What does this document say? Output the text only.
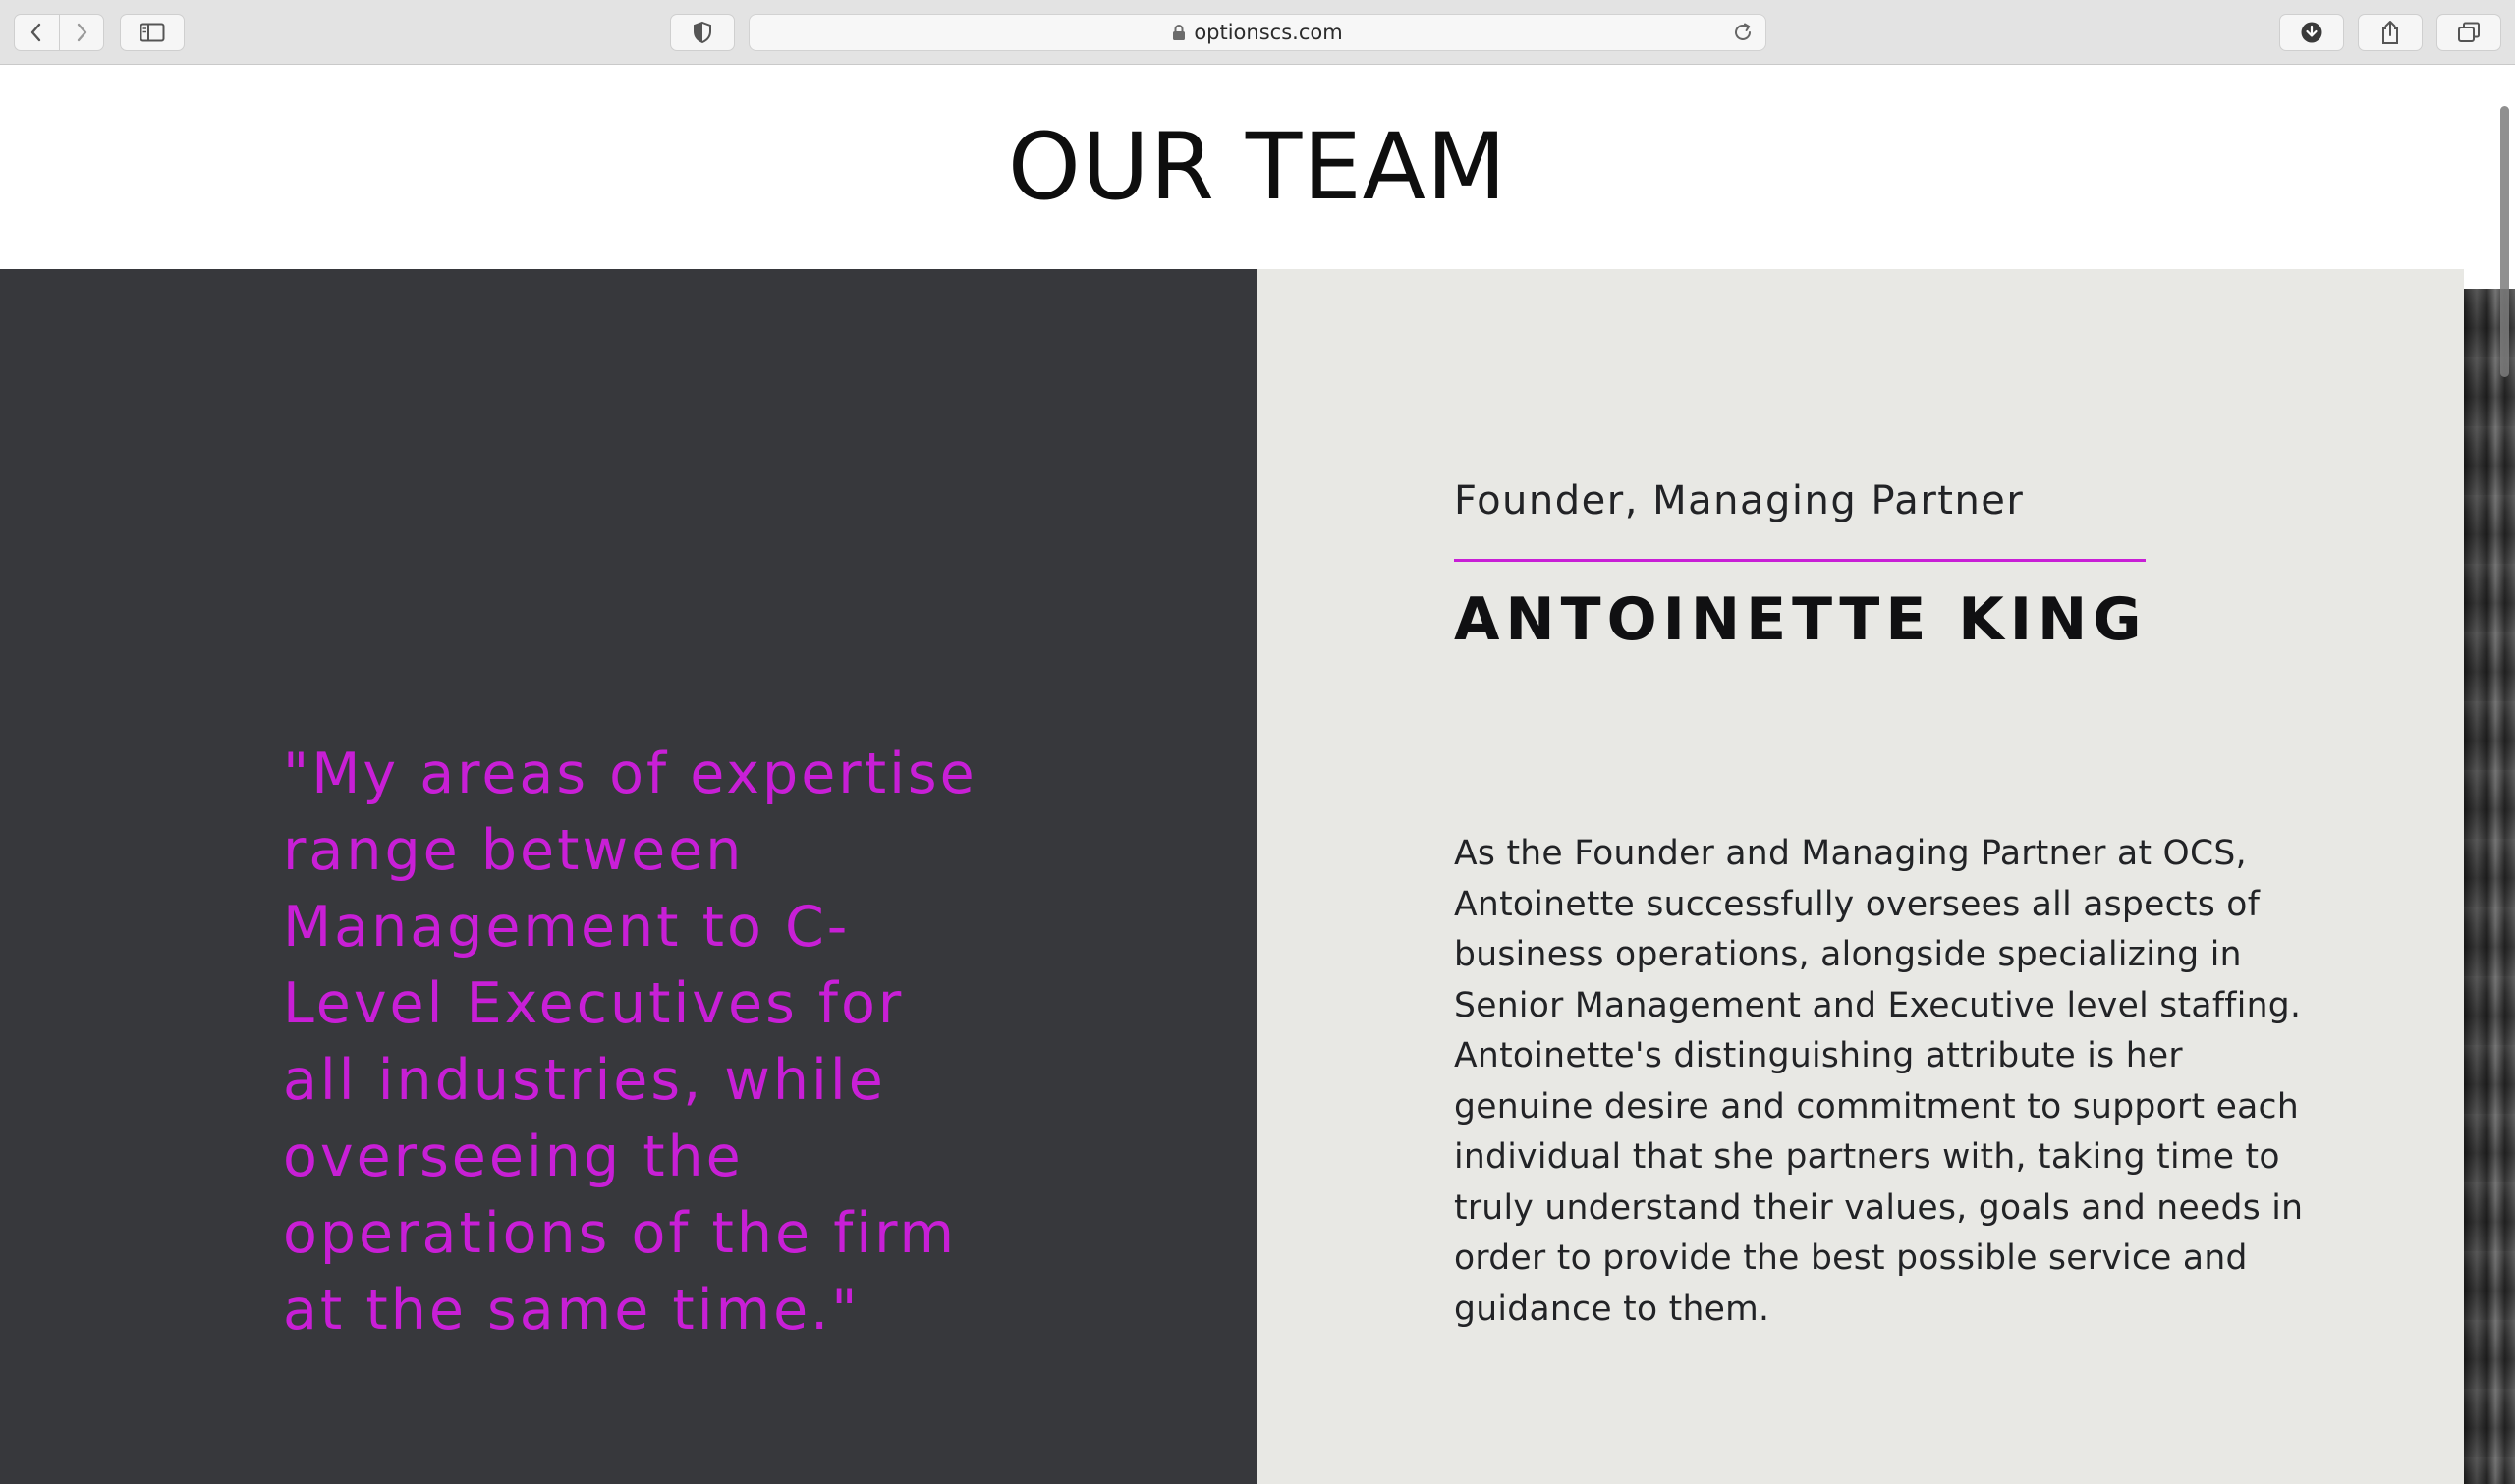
optionscs.com
OUR TEAM

"My areas of expertise range between Management to C-Level Executives for all industries, while overseeing the operations of the firm at the same time."

Founder, Managing Partner
ANTOINETTE KING

As the Founder and Managing Partner at OCS, Antoinette successfully oversees all aspects of business operations, alongside specializing in Senior Management and Executive level staffing. Antoinette's distinguishing attribute is her genuine desire and commitment to support each individual that she partners with, taking time to truly understand their values, goals and needs in order to provide the best possible service and guidance to them.
